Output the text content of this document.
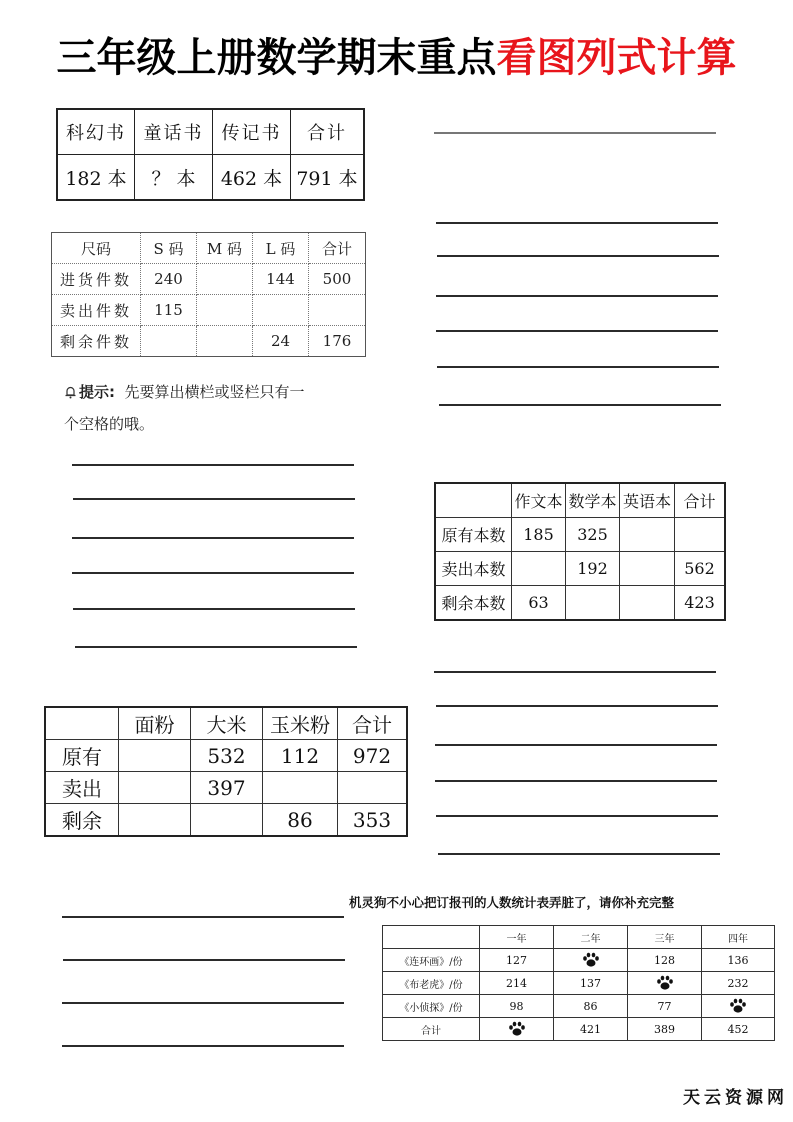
三年级上册数学期末重点看图列式计算
科幻书	童话书	传记书	合计
182 本	？ 本	462 本	791 本
尺码	S 码	M 码	L 码	合计
进货件数	240		144	500
卖出件数	115			
剩余件数			24	176
提示: 先要算出横栏或竖栏只有一
个空格的哦。
	作文本	数学本	英语本	合计
原有本数	185	325		
卖出本数		192		562
剩余本数	63			423
	面粉	大米	玉米粉	合计
原有		532	112	972
卖出		397		
剩余			86	353
机灵狗不小心把订报刊的人数统计表弄脏了，请你补充完整
	一年	二年	三年	四年
《连环画》/份	127		128	136
《布老虎》/份	214	137		232
《小侦探》/份	98	86	77	
合计		421	389	452
天云资源网
